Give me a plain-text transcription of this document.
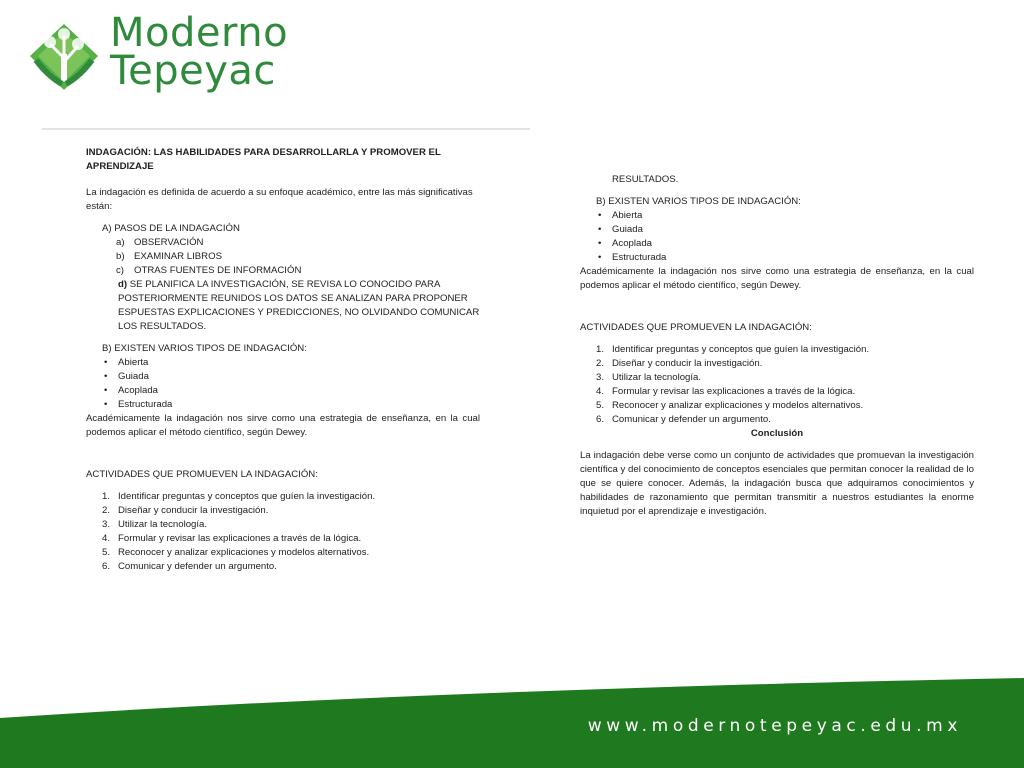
Moderno
Tepeyac

INDAGACIÓN: LAS HABILIDADES PARA DESARROLLARLA Y PROMOVER EL APRENDIZAJE

La indagación es definida de acuerdo a su enfoque académico, entre las más significativas están:

A) PASOS DE LA INDAGACIÓN

a) OBSERVACIÓN
b) EXAMINAR LIBROS
c) OTRAS FUENTES DE INFORMACIÓN

d) SE PLANIFICA LA INVESTIGACIÓN, SE REVISA LO CONOCIDO PARA POSTERIORMENTE REUNIDOS LOS DATOS SE ANALIZAN PARA PROPONER ESPUESTAS EXPLICACIONES Y PREDICCIONES, NO OLVIDANDO COMUNICAR LOS RESULTADOS.

B) EXISTEN VARIOS TIPOS DE INDAGACIÓN:

• Abierta
• Guiada
• Acoplada
• Estructurada

Académicamente la indagación nos sirve como una estrategia de enseñanza, en la cual podemos aplicar el método científico, según Dewey.

ACTIVIDADES QUE PROMUEVEN LA INDAGACIÓN:

1. Identificar preguntas y conceptos que guíen la investigación.
2. Diseñar y conducir la investigación.
3. Utilizar la tecnología.
4. Formular y revisar las explicaciones a través de la lógica.
5. Reconocer y analizar explicaciones y modelos alternativos.
6. Comunicar y defender un argumento.

RESULTADOS.

B) EXISTEN VARIOS TIPOS DE INDAGACIÓN:

• Abierta
• Guiada
• Acoplada
• Estructurada

Académicamente la indagación nos sirve como una estrategia de enseñanza, en la cual podemos aplicar el método científico, según Dewey.

ACTIVIDADES QUE PROMUEVEN LA INDAGACIÓN:

1. Identificar preguntas y conceptos que guíen la investigación.
2. Diseñar y conducir la investigación.
3. Utilizar la tecnología.
4. Formular y revisar las explicaciones a través de la lógica.
5. Reconocer y analizar explicaciones y modelos alternativos.
6. Comunicar y defender un argumento.

Conclusión

La indagación debe verse como un conjunto de actividades que promuevan la investigación científica y del conocimiento de conceptos esenciales que permitan conocer la realidad de lo que se quiere conocer. Además, la indagación busca que adquiramos conocimientos y habilidades de razonamiento que permitan transmitir a nuestros estudiantes la enorme inquietud por el aprendizaje e investigación.

www.modernotepeyac.edu.mx
